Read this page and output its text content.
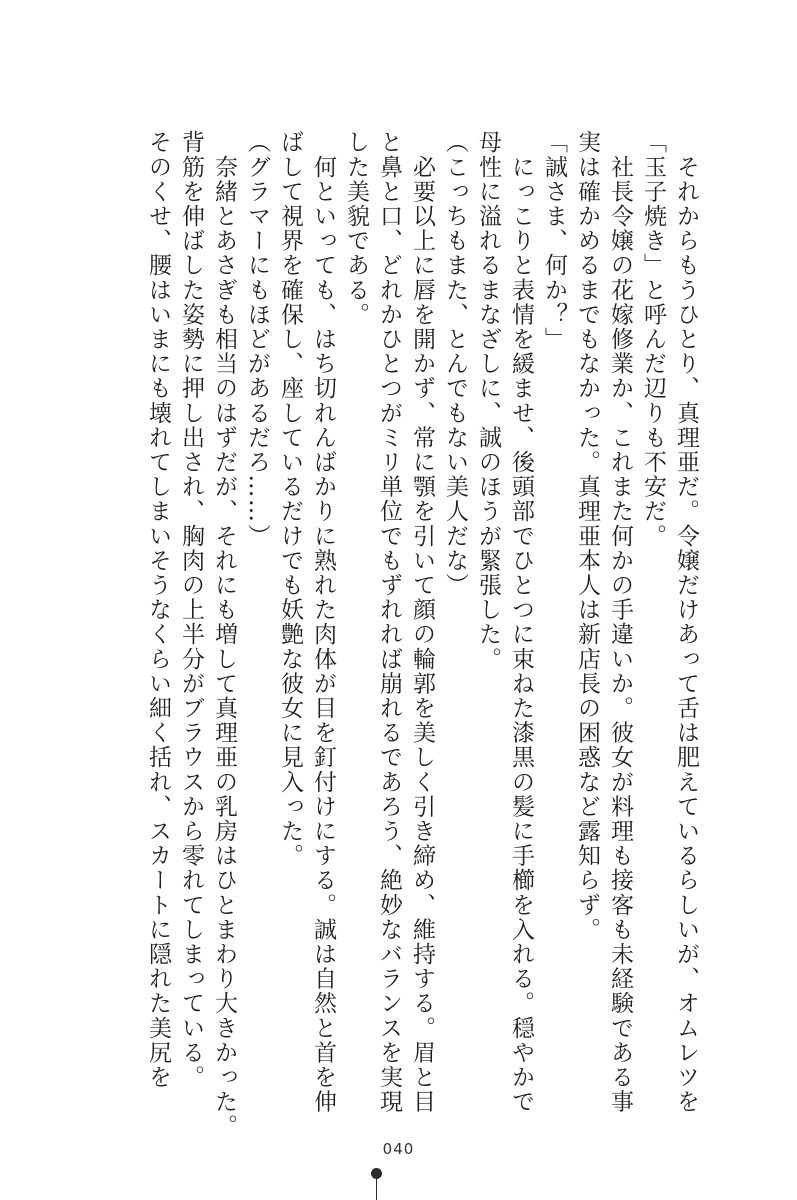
　それからもうひとり、真理亜だ。令嬢だけあって舌は肥えているらしいが、オムレツを
「玉子焼き」と呼んだ辺りも不安だ。
　社長令嬢の花嫁修業か、これまた何かの手違いか。彼女が料理も接客も未経験である事
実は確かめるまでもなかった。真理亜本人は新店長の困惑など露知らず。
「誠さま、何か？」
　にっこりと表情を緩ませ、後頭部でひとつに束ねた漆黒の髪に手櫛を入れる。穏やかで
母性に溢れるまなざしに、誠のほうが緊張した。
（こっちもまた、とんでもない美人だな）
　必要以上に唇を開かず、常に顎を引いて顔の輪郭を美しく引き締め、維持する。眉と目
と鼻と口、どれかひとつがミリ単位でもずれれば崩れるであろう、絶妙なバランスを実現
した美貌である。
　何といっても、はち切れんばかりに熟れた肉体が目を釘付けにする。誠は自然と首を伸
ばして視界を確保し、座しているだけでも妖艶な彼女に見入った。
（グラマーにもほどがあるだろ……）
　奈緒とあさぎも相当のはずだが、それにも増して真理亜の乳房はひとまわり大きかった。
背筋を伸ばした姿勢に押し出され、胸肉の上半分がブラウスから零れてしまっている。
そのくせ、腰はいまにも壊れてしまいそうなくらい細く括れ、スカートに隠れた美尻を
040
